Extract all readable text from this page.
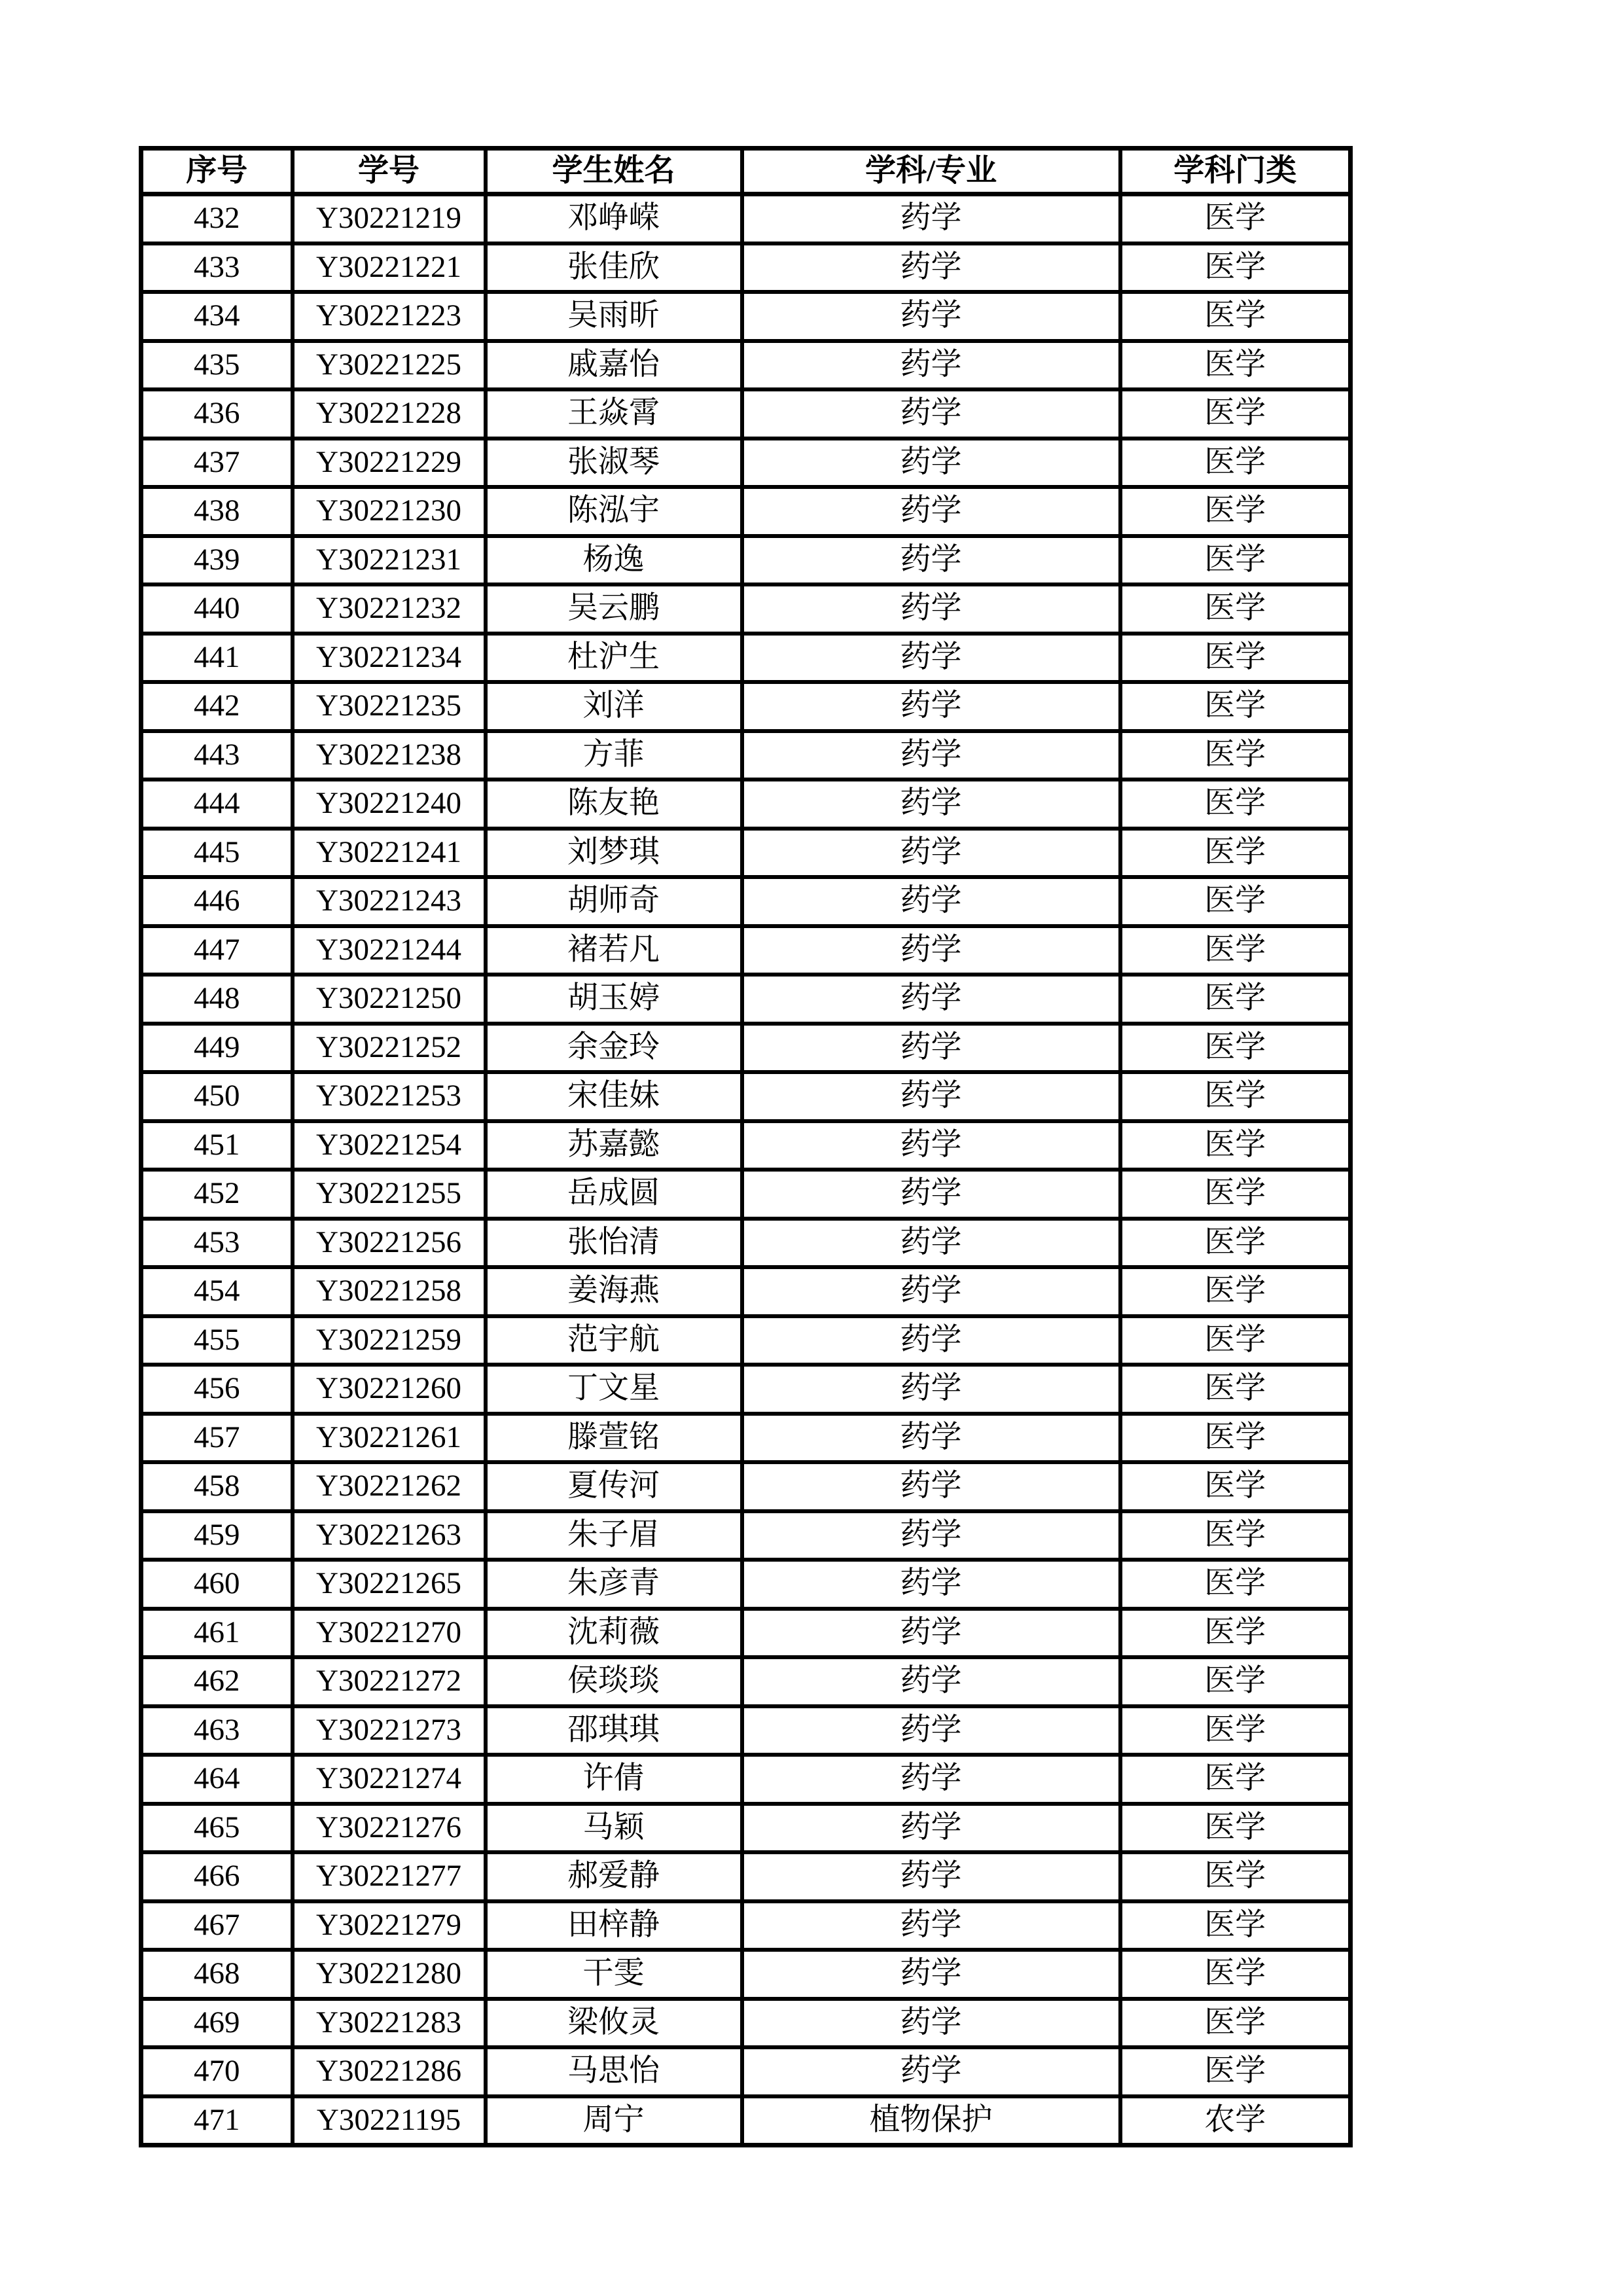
序号	学号	学生姓名	学科/专业	学科门类
432	Y30221219	邓峥嵘	药学	医学
433	Y30221221	张佳欣	药学	医学
434	Y30221223	吴雨昕	药学	医学
435	Y30221225	戚嘉怡	药学	医学
436	Y30221228	王焱霄	药学	医学
437	Y30221229	张淑琴	药学	医学
438	Y30221230	陈泓宇	药学	医学
439	Y30221231	杨逸	药学	医学
440	Y30221232	吴云鹏	药学	医学
441	Y30221234	杜沪生	药学	医学
442	Y30221235	刘洋	药学	医学
443	Y30221238	方菲	药学	医学
444	Y30221240	陈友艳	药学	医学
445	Y30221241	刘梦琪	药学	医学
446	Y30221243	胡师奇	药学	医学
447	Y30221244	褚若凡	药学	医学
448	Y30221250	胡玉婷	药学	医学
449	Y30221252	余金玲	药学	医学
450	Y30221253	宋佳妹	药学	医学
451	Y30221254	苏嘉懿	药学	医学
452	Y30221255	岳成圆	药学	医学
453	Y30221256	张怡清	药学	医学
454	Y30221258	姜海燕	药学	医学
455	Y30221259	范宇航	药学	医学
456	Y30221260	丁文星	药学	医学
457	Y30221261	滕萱铭	药学	医学
458	Y30221262	夏传河	药学	医学
459	Y30221263	朱子眉	药学	医学
460	Y30221265	朱彦青	药学	医学
461	Y30221270	沈莉薇	药学	医学
462	Y30221272	侯琰琰	药学	医学
463	Y30221273	邵琪琪	药学	医学
464	Y30221274	许倩	药学	医学
465	Y30221276	马颖	药学	医学
466	Y30221277	郝爱静	药学	医学
467	Y30221279	田梓静	药学	医学
468	Y30221280	干雯	药学	医学
469	Y30221283	梁攸灵	药学	医学
470	Y30221286	马思怡	药学	医学
471	Y30221195	周宁	植物保护	农学
